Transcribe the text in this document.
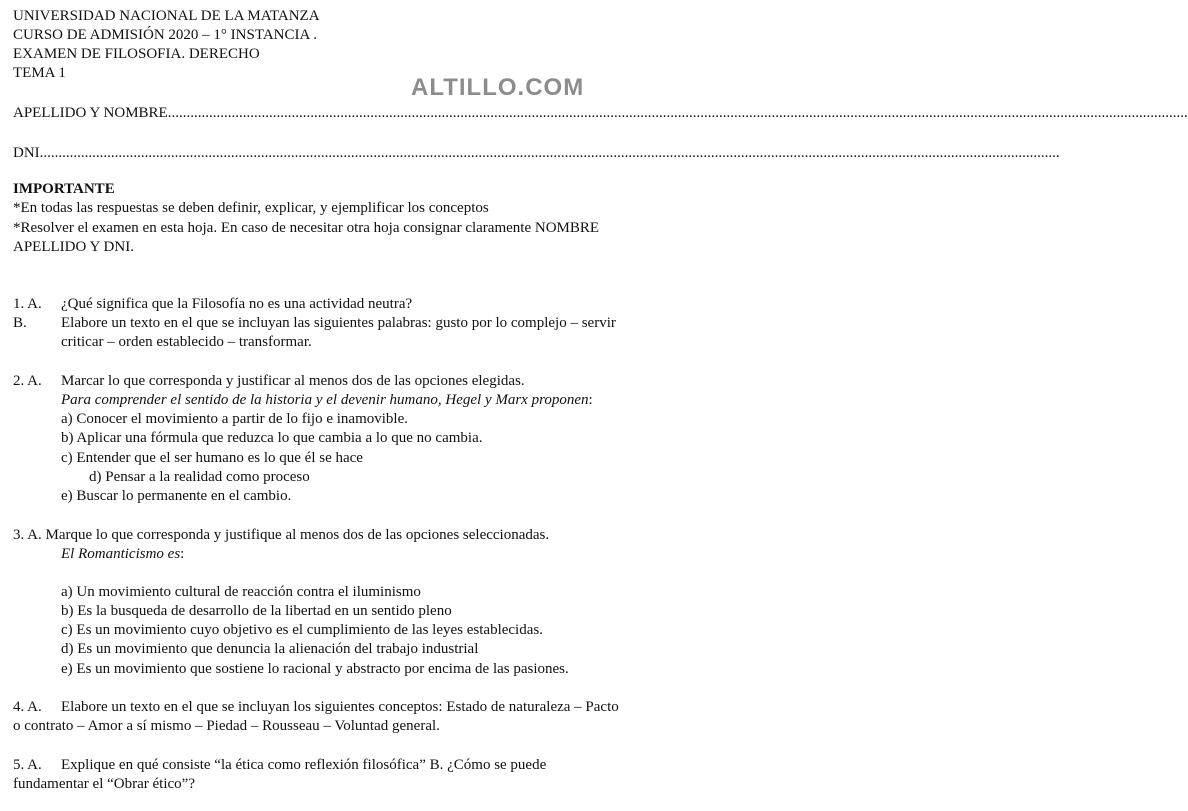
UNIVERSIDAD NACIONAL DE LA MATANZA
CURSO DE ADMISIÓN 2020 – 1° INSTANCIA .
EXAMEN DE FILOSOFIA. DERECHO
TEMA 1
ALTILLO.COM
APELLIDO Y NOMBRE................................................................................................................................................................................................................................................................................
DNI................................................................................................................................................................................................................................................................................
IMPORTANTE
*En todas las respuestas se deben definir, explicar, y ejemplificar los conceptos
*Resolver el examen en esta hoja. En caso de necesitar otra hoja consignar claramente NOMBRE
APELLIDO Y DNI.
1. A. ¿Qué significa que la Filosofía no es una actividad neutra?
B. Elabore un texto en el que se incluyan las siguientes palabras: gusto por lo complejo – servir
criticar – orden establecido – transformar.
2. A. Marcar lo que corresponda y justificar al menos dos de las opciones elegidas.
Para comprender el sentido de la historia y el devenir humano, Hegel y Marx proponen:
a) Conocer el movimiento a partir de lo fijo e inamovible.
b) Aplicar una fórmula que reduzca lo que cambia a lo que no cambia.
c) Entender que el ser humano es lo que él se hace
d) Pensar a la realidad como proceso
e) Buscar lo permanente en el cambio.
3. A. Marque lo que corresponda y justifique al menos dos de las opciones seleccionadas.
El Romanticismo es:
a) Un movimiento cultural de reacción contra el iluminismo
b) Es la busqueda de desarrollo de la libertad en un sentido pleno
c) Es un movimiento cuyo objetivo es el cumplimiento de las leyes establecidas.
d) Es un movimiento que denuncia la alienación del trabajo industrial
e) Es un movimiento que sostiene lo racional y abstracto por encima de las pasiones.
4. A. Elabore un texto en el que se incluyan los siguientes conceptos: Estado de naturaleza – Pacto
o contrato – Amor a sí mismo – Piedad – Rousseau – Voluntad general.
5. A. Explique en qué consiste “la ética como reflexión filosófica” B. ¿Cómo se puede
fundamentar el “Obrar ético”?
